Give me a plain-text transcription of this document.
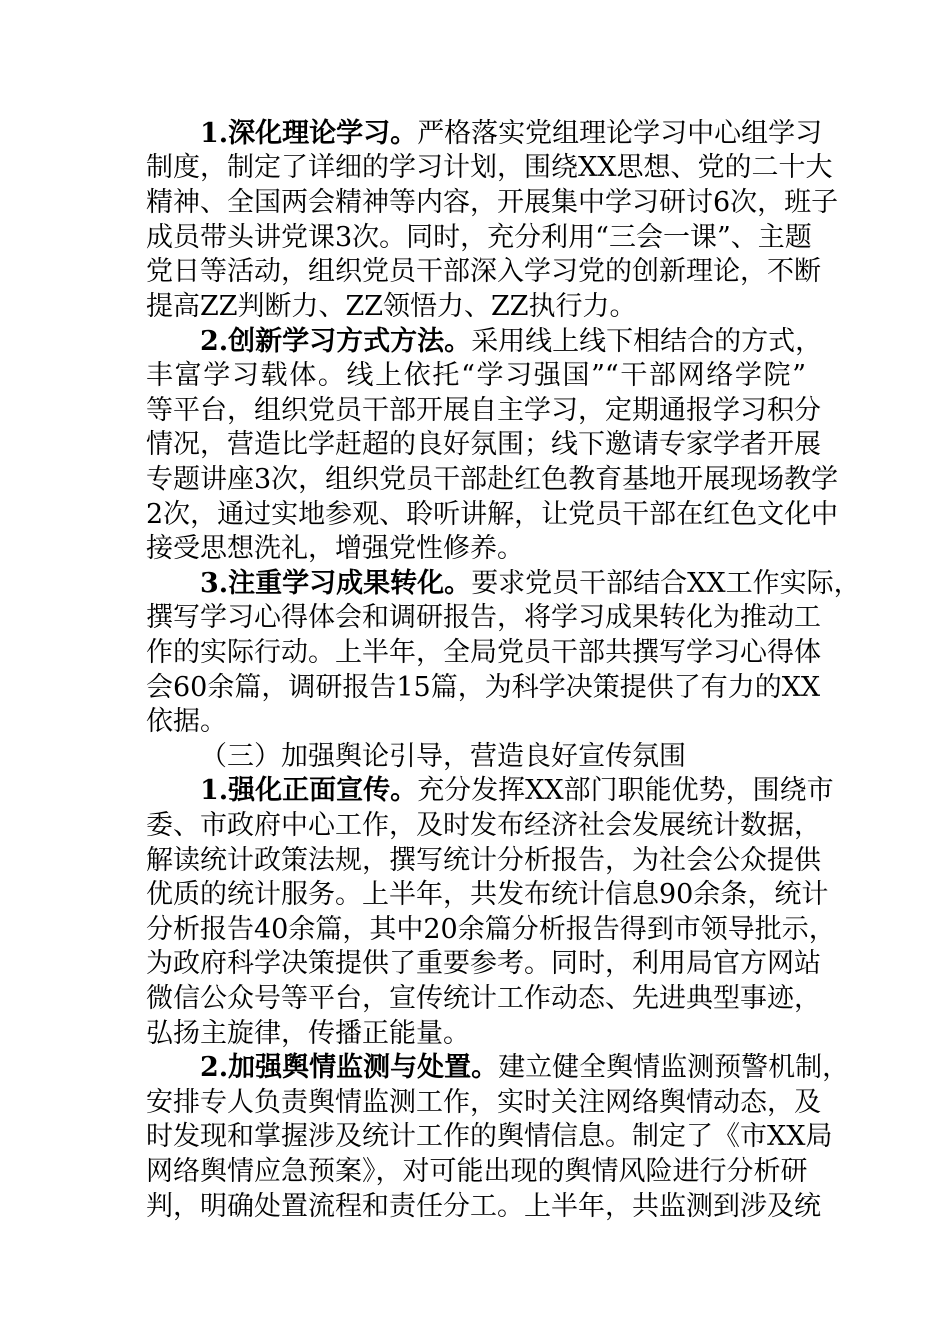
1.深化理论学习。严格落实党组理论学习中心组学习
制度，制定了详细的学习计划，围绕XX思想、党的二十大
精神、全国两会精神等内容，开展集中学习研讨6次，班子
成员带头讲党课3次。同时，充分利用“三会一课”、主题
党日等活动，组织党员干部深入学习党的创新理论，不断
提高ZZ判断力、ZZ领悟力、ZZ执行力。
2.创新学习方式方法。采用线上线下相结合的方式，
丰富学习载体。线上依托“学习强国”“干部网络学院”
等平台，组织党员干部开展自主学习，定期通报学习积分
情况，营造比学赶超的良好氛围；线下邀请专家学者开展
专题讲座3次，组织党员干部赴红色教育基地开展现场教学
2次，通过实地参观、聆听讲解，让党员干部在红色文化中
接受思想洗礼，增强党性修养。
3.注重学习成果转化。要求党员干部结合XX工作实际，
撰写学习心得体会和调研报告，将学习成果转化为推动工
作的实际行动。上半年，全局党员干部共撰写学习心得体
会60余篇，调研报告15篇，为科学决策提供了有力的XX
依据。
（三）加强舆论引导，营造良好宣传氛围
1.强化正面宣传。充分发挥XX部门职能优势，围绕市
委、市政府中心工作，及时发布经济社会发展统计数据，
解读统计政策法规，撰写统计分析报告，为社会公众提供
优质的统计服务。上半年，共发布统计信息90余条，统计
分析报告40余篇，其中20余篇分析报告得到市领导批示，
为政府科学决策提供了重要参考。同时，利用局官方网站
微信公众号等平台，宣传统计工作动态、先进典型事迹，
弘扬主旋律，传播正能量。
2.加强舆情监测与处置。建立健全舆情监测预警机制，
安排专人负责舆情监测工作，实时关注网络舆情动态，及
时发现和掌握涉及统计工作的舆情信息。制定了《市XX局
网络舆情应急预案》，对可能出现的舆情风险进行分析研
判，明确处置流程和责任分工。上半年，共监测到涉及统
